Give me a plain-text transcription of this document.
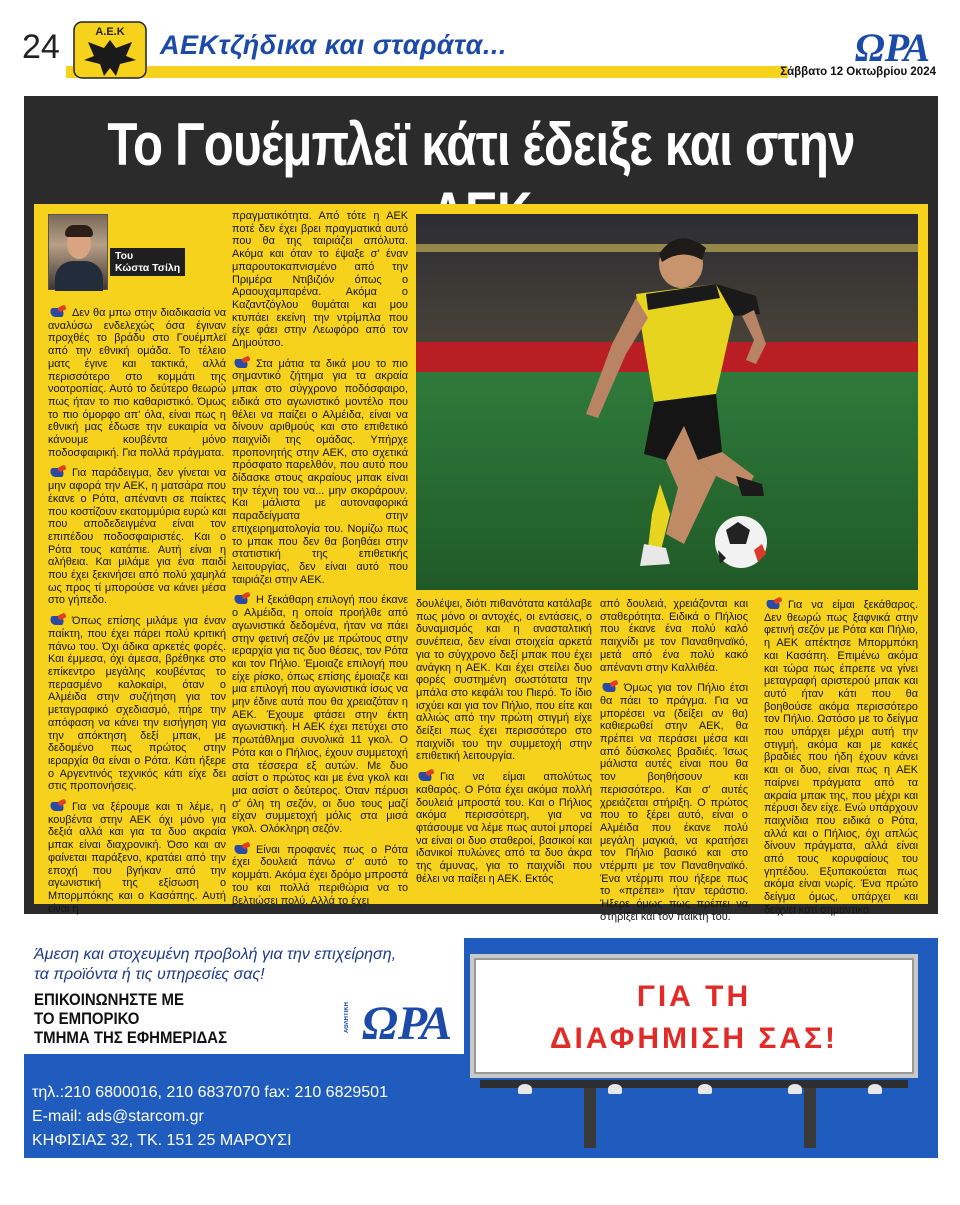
24	Α.Ε.Κ ΑΕΚτζήδικα και σταράτα...	ΩΡΑ
Σάββατο 12 Οκτωβρίου 2024
Το Γουέμπλεϊ κάτι έδειξε και στην
Του
Κώστα Τσίλη

Δεν θα μπω στην διαδικασία να αναλύσω ενδελεχώς όσα έγιναν προχθές το βράδυ στο Γουέμπλεϊ από την εθνική ομάδα. Το τέλειο ματς έγινε και τακτικά, αλλά περισσότερο στο κομμάτι της νοοτροπίας. Αυτό το δεύτερο θεωρώ πως ήταν το πιο καθαριστικό. Όμως το πιο όμορφο απ' όλα, είναι πως η εθνική μας έδωσε την ευκαιρία να κάνουμε κουβέντα μόνο ποδοσφαιρική. Για πολλά πράγματα.

Για παράδειγμα, δεν γίνεται να μην αφορά την ΑΕΚ, η ματσάρα που έκανε ο Ρότα, απέναντι σε παίκτες που κοστίζουν εκατομμύρια ευρώ και που αποδεδειγμένα είναι τον επιπέδου ποδοσφαιριστές. Και ο Ρότα τους κατάπιε. Αυτή είναι η αλήθεια. Και μιλάμε για ένα παιδί που έχει ξεκινήσει από πολύ χαμηλά ως προς τί μπορούσε να κάνει μέσα στο γήπεδο.

Όπως επίσης μιλάμε για έναν παίκτη, που έχει πάρει πολύ κριτική πάνω του. Όχι άδικα αρκετές φορές. Και έμμεσα, όχι άμεσα, βρέθηκε στο επίκεντρο μεγάλης κουβέντας το περασμένο καλοκαίρι, όταν ο Αλμέιδα στην συζήτηση για τον μεταγραφικό σχεδιασμό, πήρε την απόφαση να κάνει την εισήγηση για την απόκτηση δεξί μπακ, με δεδομένο πως πρώτος στην ιεραρχία θα είναι ο Ρότα. Κάτι ήξερε ο Αργεντινός τεχνικός κάτι είχε δει στις προπονήσεις.

Για να ξέρουμε και τι λέμε, η κουβέντα στην ΑΕΚ όχι μόνο για δεξιά αλλά και για τα δυο ακραία μπακ είναι διαχρονική. Όσο και αν φαίνεται παράξενο, κρατάει από την εποχή που βγήκαν από την αγωνιστική της εξίσωση ο Μπορμπόκης και ο Κασάπης. Αυτή είναι η

πραγματικότητα. Από τότε η ΑΕΚ ποτέ δεν έχει βρει πραγματικά αυτό που θα της ταιριάζει απόλυτα. Ακόμα και όταν το έψαξε σ' έναν μπαρουτοκαπνισμένο από την Πριμέρα Ντιβιζιόν όπως ο Αραουχαμπαρένα. Ακόμα ο Καζαντζόγλου θυμάται και μου κτυπάει εκείνη την ντρίμπλα που είχε φάει στην Λεωφόρο από τον Δημούτσο.

Στα μάτια τα δικά μου το πιο σημαντικό ζήτημα για τα ακραία μπακ στο σύγχρονο ποδόσφαιρο, ειδικά στο αγωνιστικό μοντέλο που θέλει να παίζει ο Αλμέιδα, είναι να δίνουν αριθμούς και στο επιθετικό παιχνίδι της ομάδας. Υπήρχε προπονητής στην ΑΕΚ, στο σχετικά πρόσφατο παρελθόν, που αυτό που δίδασκε στους ακραίους μπακ είναι την τέχνη του να... μην σκοράρουν. Και μάλιστα με αυτοναφορικά παραδείγματα στην επιχειρηματολογία του. Νομίζω πως το μπακ που δεν θα βοηθάει στην στατιστική της επιθετικής λειτουργίας, δεν είναι αυτό που ταιριάζει στην ΑΕΚ.

Η ξεκάθαρη επιλογή που έκανε ο Αλμέιδα, η οποία προήλθε από αγωνιστικά δεδομένα, ήταν να πάει στην φετινή σεζόν με πρώτους στην ιεραρχία για τις δυο θέσεις, τον Ρότα και τον Πήλιο. Έμοιαζε επιλογή που είχε ρίσκο, όπως επίσης έμοιαζε και μια επιλογή που αγωνιστικά ίσως να μην έδινε αυτά που θα χρειαζόταν η ΑΕΚ. Έχουμε φτάσει στην έκτη αγωνιστική. Η ΑΕΚ έχει πετύχει στο πρωτάθλημα συνολικά 11 γκολ. Ο Ρότα και ο Πήλιος, έχουν συμμετοχή στα τέσσερα εξ αυτών. Με δυο ασίστ ο πρώτος και με ένα γκολ και μια ασίστ ο δεύτερος. Όταν πέρυσι σ' όλη τη σεζόν, οι δυο τους μαζί είχαν συμμετοχή μόλις στα μισά γκολ. Ολόκληρη σεζόν.

Είναι προφανές πως ο Ρότα έχει δουλειά πάνω σ' αυτό το κομμάτι. Ακόμα έχει δρόμο μπροστά του και πολλά περιθώρια να το βελτιώσει πολύ. Αλλά το έχει

δουλέψει, διότι πιθανότατα κατάλαβε πως μόνο οι αντοχές, οι εντάσεις, ο δυναμισμός και η ανασταλτική συνέπεια, δεν είναι στοιχεία αρκετά για το σύγχρονο δεξί μπακ που έχει ανάγκη η ΑΕΚ. Και έχει στείλει δυο φορές συστημένη σωστότατα την μπάλα στο κεφάλι του Πιερό. Το ίδιο ισχύει και για τον Πήλιο, που είτε και αλλιώς από την πρώτη στιγμή είχε δείξει πως έχει περισσότερο στο παιχνίδι του την συμμετοχή στην επιθετική λειτουργία.

Για να είμαι απολύτως καθαρός. Ο Ρότα έχει ακόμα πολλή δουλειά μπροστά του. Και ο Πήλιος ακόμα περισσότερη, για να φτάσουμε να λέμε πως αυτοί μπορεί να είναι οι δυο σταθεροί, βασικοί και ιδανικοί πυλώνες από τα δυο άκρα της άμυνας, για το παιχνίδι που θέλει να παίξει η ΑΕΚ. Εκτός

από δουλειά, χρειάζονται και σταθερότητα. Ειδικά ο Πήλιος που έκανε ένα πολύ καλό παιχνίδι με τον Παναθηναϊκό, μετά από ένα πολύ κακό απέναντι στην Καλλιθέα.

Όμως για τον Πήλιο έτσι θα πάει το πράγμα. Για να μπορέσει να (δείξει αν θα) καθιερωθεί στην ΑΕΚ, θα πρέπει να περάσει μέσα και από δύσκολες βραδιές. Ίσως μάλιστα αυτές είναι που θα τον βοηθήσουν και περισσότερο. Και σ' αυτές χρειάζεται στήριξη. Ο πρώτος που το ξέρει αυτό, είναι ο Αλμέιδα που έκανε πολύ μεγάλη μαγκιά, να κρατήσει τον Πήλιο βασικό και στο ντέρμπι με τον Παναθηναϊκό. Ένα ντέρμπι που ήξερε πως το «πρέπει» ήταν τεράστιο. Ήξερε όμως πως πρέπει να στηρίξει και τον παίκτη του.

Για να είμαι ξεκάθαρος. Δεν θεωρώ πως ξαφνικά στην φετινή σεζόν με Ρότα και Πήλιο, η ΑΕΚ απέκτησε Μπορμπόκη και Κασάπη. Επιμένω ακόμα και τώρα πως έπρεπε να γίνει μεταγραφή αριστερού μπακ και αυτό ήταν κάτι που θα βοηθούσε ακόμα περισσότερο τον Πήλιο. Ωστόσο με το δείγμα που υπάρχει μέχρι αυτή την στιγμή, ακόμα και με κακές βραδιές που ήδη έχουν κάνει και οι δυο, είναι πως η ΑΕΚ παίρνει πράγματα από τα ακραία μπακ της, που μέχρι και πέρυσι δεν είχε. Ενώ υπάρχουν παιχνίδια που ειδικά ο Ρότα, αλλά και ο Πήλιος, όχι απλώς δίνουν πράγματα, αλλά είναι από τους κορυφαίους του γηπέδου. Εξυπακούεται πως ακόμα είναι νωρίς. Ένα πρώτο δείγμα όμως, υπάρχει και δείχνει κάτι σημαντικό.

Άμεση και στοχευμένη προβολή για την επιχείρηση,
τα προϊόντα ή τις υπηρεσίες σας!
ΕΠΙΚΟΙΝΩΝΗΣΤΕ ΜΕ
ΤΟ ΕΜΠΟΡΙΚΟ
ΤΜΗΜΑ ΤΗΣ ΕΦΗΜΕΡΙΔΑΣ
ΑΘΛΗΤΙΚΗ ΩΡΑ
τηλ.:210 6800016, 210 6837070 fax: 210 6829501
E-mail: ads@starcom.gr
ΚΗΦΙΣΙΑΣ 32, ΤΚ. 151 25 ΜΑΡΟΥΣΙ
ΓΙΑ ΤΗ
ΔΙΑΦΗΜΙΣΗ ΣΑΣ!
